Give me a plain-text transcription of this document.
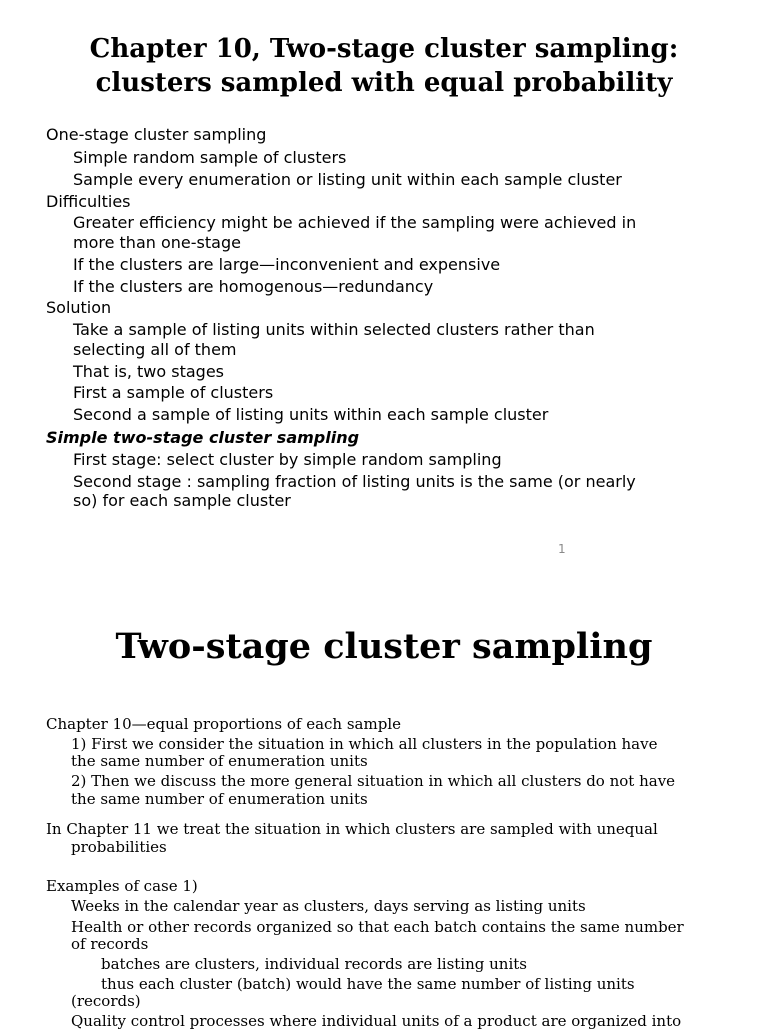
Chapter 10, Two-stage cluster sampling:
clusters sampled with equal probability
One-stage cluster sampling
Simple random sample of clusters
Sample every enumeration or listing unit within each sample cluster
Difficulties
Greater efficiency might be achieved if the sampling were achieved in
more than one-stage
If the clusters are large—inconvenient and expensive
If the clusters are homogenous—redundancy
Solution
Take a sample of listing units within selected clusters rather than
selecting all of them
That is, two stages
First a sample of clusters
Second a sample of listing units within each sample cluster
Simple two-stage cluster sampling
First stage: select cluster by simple random sampling
Second stage : sampling fraction of listing units is the same (or nearly
so) for each sample cluster
1
Two-stage cluster sampling
Chapter 10—equal proportions of each sample
1) First we consider the situation in which all clusters in the population have
the same number of enumeration units
2) Then we discuss the more general situation in which all clusters do not have
the same number of enumeration units
In Chapter 11 we treat the situation in which clusters are sampled with unequal
probabilities
Examples of case 1)
Weeks in the calendar year as clusters, days serving as listing units
Health or other records organized so that each batch contains the same number
of records
batches are clusters, individual records are listing units
thus each cluster (batch) would have the same number of listing units
(records)
Quality control processes where individual units of a product are organized into
